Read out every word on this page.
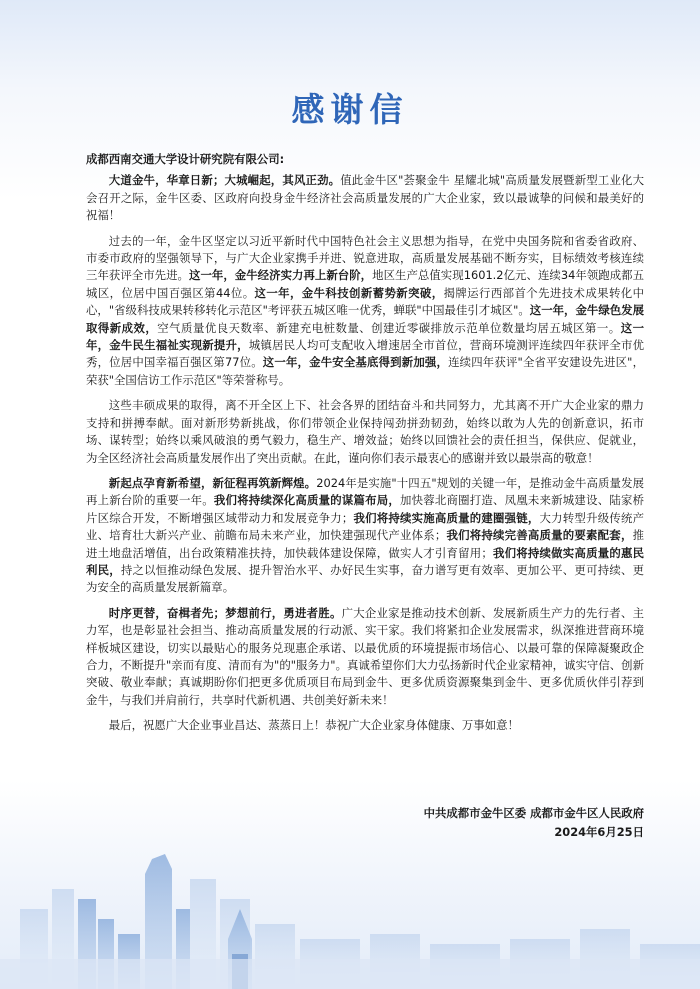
感谢信
成都西南交通大学设计研究院有限公司:

大道金牛，华章日新；大城崛起，其风正劲。值此金牛区"荟聚金牛 星耀北城"高质量发展暨新型工业化大会召开之际，金牛区委、区政府向投身金牛经济社会高质量发展的广大企业家，致以最诚挚的问候和最美好的祝福！

过去的一年，金牛区坚定以习近平新时代中国特色社会主义思想为指导，在党中央国务院和省委省政府、市委市政府的坚强领导下，与广大企业家携手并进、锐意进取，高质量发展基础不断夯实，目标绩效考核连续三年获评全市先进。这一年，金牛经济实力再上新台阶，地区生产总值实现1601.2亿元、连续34年领跑成都五城区，位居中国百强区第44位。这一年，金牛科技创新蓄势新突破，揭牌运行西部首个先进技术成果转化中心，"省级科技成果转移转化示范区"考评获五城区唯一优秀，蝉联"中国最佳引才城区"。这一年，金牛绿色发展取得新成效，空气质量优良天数率、新建充电桩数量、创建近零碳排放示范单位数量均居五城区第一。这一年，金牛民生福祉实现新提升，城镇居民人均可支配收入增速居全市首位，营商环境测评连续四年获评全市优秀，位居中国幸福百强区第77位。这一年，金牛安全基底得到新加强，连续四年获评"全省平安建设先进区"，荣获"全国信访工作示范区"等荣誉称号。

这些丰硕成果的取得，离不开全区上下、社会各界的团结奋斗和共同努力，尤其离不开广大企业家的鼎力支持和拼搏奉献。面对新形势新挑战，你们带领企业保持闯劲拼劲韧劲，始终以敢为人先的创新意识，拓市场、谋转型；始终以乘风破浪的勇气毅力，稳生产、增效益；始终以回馈社会的责任担当，保供应、促就业，为全区经济社会高质量发展作出了突出贡献。在此，谨向你们表示最衷心的感谢并致以最崇高的敬意！

新起点孕育新希望，新征程再筑新辉煌。2024年是实施"十四五"规划的关键一年，是推动金牛高质量发展再上新台阶的重要一年。我们将持续深化高质量的谋篇布局，加快蓉北商圈打造、凤凰未来新城建设、陆家桥片区综合开发，不断增强区域带动力和发展竞争力；我们将持续实施高质量的建圈强链，大力转型升级传统产业、培育壮大新兴产业、前瞻布局未来产业，加快建强现代产业体系；我们将持续完善高质量的要素配套，推进土地盘活增值，出台政策精准扶持，加快载体建设保障，做实人才引育留用；我们将持续做实高质量的惠民利民，持之以恒推动绿色发展、提升智治水平、办好民生实事，奋力谱写更有效率、更加公平、更可持续、更为安全的高质量发展新篇章。

时序更替，奋楫者先；梦想前行，勇进者胜。广大企业家是推动技术创新、发展新质生产力的先行者、主力军，也是彰显社会担当、推动高质量发展的行动派、实干家。我们将紧扣企业发展需求，纵深推进营商环境样板城区建设，切实以最贴心的服务兑现惠企承诺、以最优质的环境提振市场信心、以最可靠的保障凝聚政企合力，不断提升"亲而有度、清而有为"的"服务力"。真诚希望你们大力弘扬新时代企业家精神，诚实守信、创新突破、敬业奉献；真诚期盼你们把更多优质项目布局到金牛、更多优质资源聚集到金牛、更多优质伙伴引荐到金牛，与我们并肩前行，共享时代新机遇、共创美好新未来！

最后，祝愿广大企业事业昌达、蒸蒸日上！恭祝广大企业家身体健康、万事如意！

中共成都市金牛区委 成都市金牛区人民政府
2024年6月25日
